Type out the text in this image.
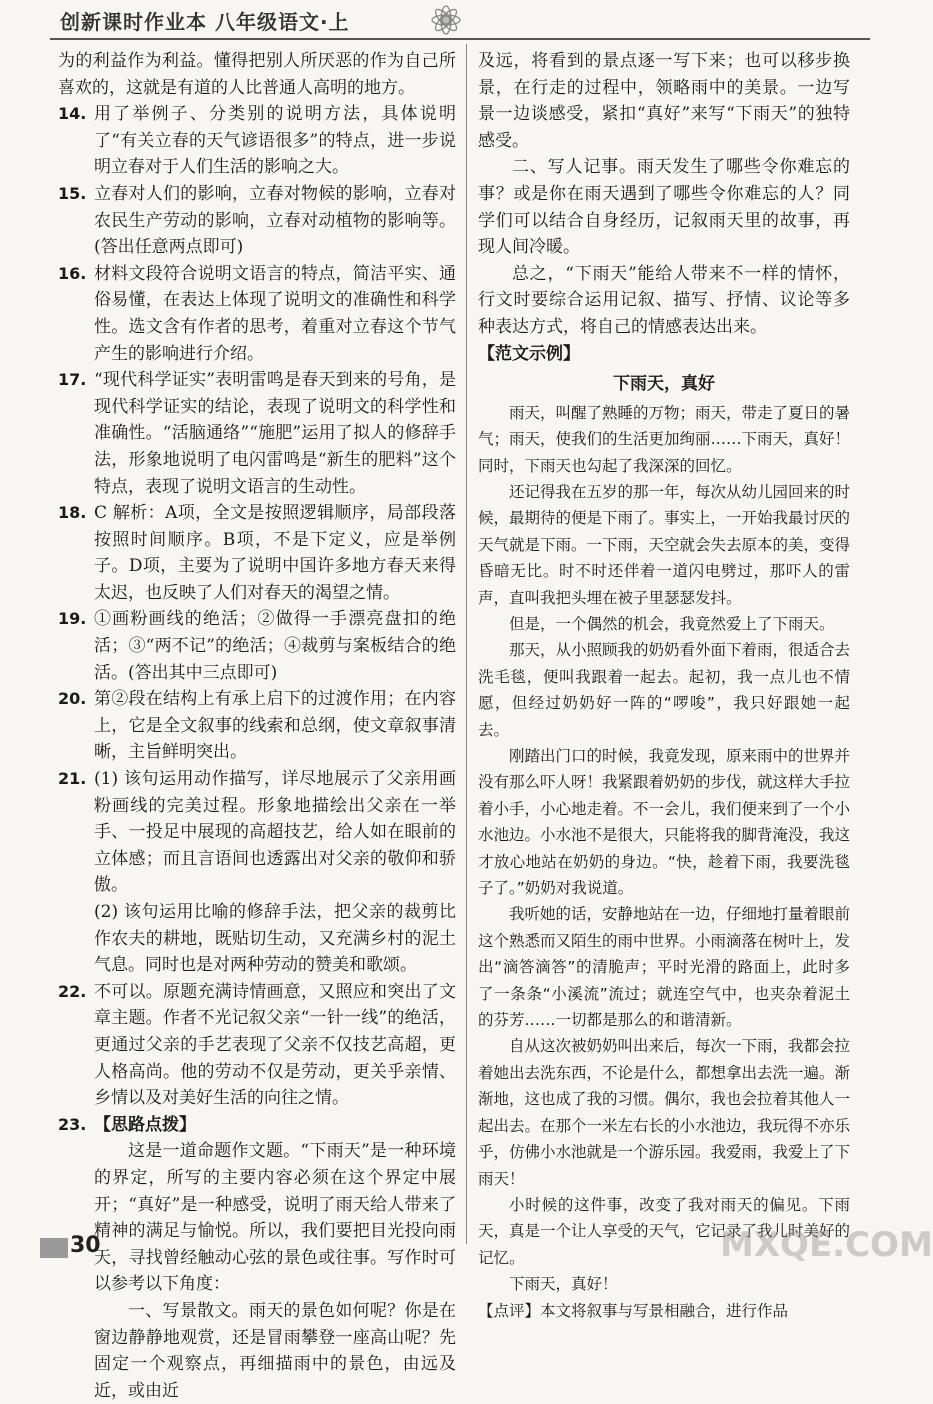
创新课时作业本 八年级语文·上

为的利益作为利益。懂得把别人所厌恶的作为自己所喜欢的，这就是有道的人比普通人高明的地方。

14. 用了举例子、分类别的说明方法，具体说明了“有关立春的天气谚语很多”的特点，进一步说明立春对于人们生活的影响之大。
15. 立春对人们的影响，立春对物候的影响，立春对农民生产劳动的影响，立春对动植物的影响等。(答出任意两点即可)
16. 材料文段符合说明文语言的特点，简洁平实、通俗易懂，在表达上体现了说明文的准确性和科学性。选文含有作者的思考，着重对立春这个节气产生的影响进行介绍。
17. “现代科学证实”表明雷鸣是春天到来的号角，是现代科学证实的结论，表现了说明文的科学性和准确性。“活脑通络”“施肥”运用了拟人的修辞手法，形象地说明了电闪雷鸣是“新生的肥料”这个特点，表现了说明文语言的生动性。
18. C 解析：A项，全文是按照逻辑顺序，局部段落按照时间顺序。B项，不是下定义，应是举例子。D项，主要为了说明中国许多地方春天来得太迟，也反映了人们对春天的渴望之情。
19. ①画粉画线的绝活；②做得一手漂亮盘扣的绝活；③“两不记”的绝活；④裁剪与案板结合的绝活。(答出其中三点即可)
20. 第②段在结构上有承上启下的过渡作用；在内容上，它是全文叙事的线索和总纲，使文章叙事清晰，主旨鲜明突出。
21. (1) 该句运用动作描写，详尽地展示了父亲用画粉画线的完美过程。形象地描绘出父亲在一举手、一投足中展现的高超技艺，给人如在眼前的立体感；而且言语间也透露出对父亲的敬仰和骄傲。
(2) 该句运用比喻的修辞手法，把父亲的裁剪比作农夫的耕地，既贴切生动，又充满乡村的泥土气息。同时也是对两种劳动的赞美和歌颂。
22. 不可以。原题充满诗情画意，又照应和突出了文章主题。作者不光记叙父亲“一针一线”的绝活，更通过父亲的手艺表现了父亲不仅技艺高超，更人格高尚。他的劳动不仅是劳动，更关乎亲情、乡情以及对美好生活的向往之情。
23. 【思路点拨】

这是一道命题作文题。“下雨天”是一种环境的界定，所写的主要内容必须在这个界定中展开；“真好”是一种感受，说明了雨天给人带来了精神的满足与愉悦。所以，我们要把目光投向雨天，寻找曾经触动心弦的景色或往事。写作时可以参考以下角度：

一、写景散文。雨天的景色如何呢？你是在窗边静静地观赏，还是冒雨攀登一座高山呢？先固定一个观察点，再细描雨中的景色，由远及近，或由近

及远，将看到的景点逐一写下来；也可以移步换景，在行走的过程中，领略雨中的美景。一边写景一边谈感受，紧扣“真好”来写“下雨天”的独特感受。

二、写人记事。雨天发生了哪些令你难忘的事？或是你在雨天遇到了哪些令你难忘的人？同学们可以结合自身经历，记叙雨天里的故事，再现人间冷暖。

总之，“下雨天”能给人带来不一样的情怀，行文时要综合运用记叙、描写、抒情、议论等多种表达方式，将自己的情感表达出来。

【范文示例】

下雨天，真好

雨天，叫醒了熟睡的万物；雨天，带走了夏日的暑气；雨天，使我们的生活更加绚丽……下雨天，真好！同时，下雨天也勾起了我深深的回忆。

还记得我在五岁的那一年，每次从幼儿园回来的时候，最期待的便是下雨了。事实上，一开始我最讨厌的天气就是下雨。一下雨，天空就会失去原本的美，变得昏暗无比。时不时还伴着一道闪电劈过，那吓人的雷声，直叫我把头埋在被子里瑟瑟发抖。

但是，一个偶然的机会，我竟然爱上了下雨天。

那天，从小照顾我的奶奶看外面下着雨，很适合去洗毛毯，便叫我跟着一起去。起初，我一点儿也不情愿，但经过奶奶好一阵的“啰唆”，我只好跟她一起去。

刚踏出门口的时候，我竟发现，原来雨中的世界并没有那么吓人呀！我紧跟着奶奶的步伐，就这样大手拉着小手，小心地走着。不一会儿，我们便来到了一个小水池边。小水池不是很大，只能将我的脚背淹没，我这才放心地站在奶奶的身边。“快，趁着下雨，我要洗毯子了。”奶奶对我说道。

我听她的话，安静地站在一边，仔细地打量着眼前这个熟悉而又陌生的雨中世界。小雨滴落在树叶上，发出“滴答滴答”的清脆声；平时光滑的路面上，此时多了一条条“小溪流”流过；就连空气中，也夹杂着泥土的芬芳……一切都是那么的和谐清新。

自从这次被奶奶叫出来后，每次一下雨，我都会拉着她出去洗东西，不论是什么，都想拿出去洗一遍。渐渐地，这也成了我的习惯。偶尔，我也会拉着其他人一起出去。在那个一米左右长的小水池边，我玩得不亦乐乎，仿佛小水池就是一个游乐园。我爱雨，我爱上了下雨天！

小时候的这件事，改变了我对雨天的偏见。下雨天，真是一个让人享受的天气，它记录了我儿时美好的记忆。

下雨天，真好！

【点评】本文将叙事与写景相融合，进行作品

30	MXQE.COM
